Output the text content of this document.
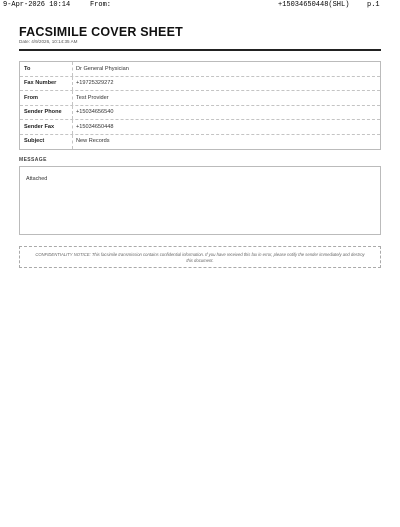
9-Apr-2026 10:14	From:	+15034650448(SHL)	p.1
FACSIMILE COVER SHEET
Date: 4/9/2026, 10:14:35 AM
To	Dr General Physician
Fax Number	+19725329272
From	Test Provider
Sender Phone	+15034656540
Sender Fax	+15034650448
Subject	New Records
MESSAGE
Attached
CONFIDENTIALITY NOTICE: This facsimile transmission contains confidential information. If you have received this fax in error, please notify the sender immediately and destroy this document.
